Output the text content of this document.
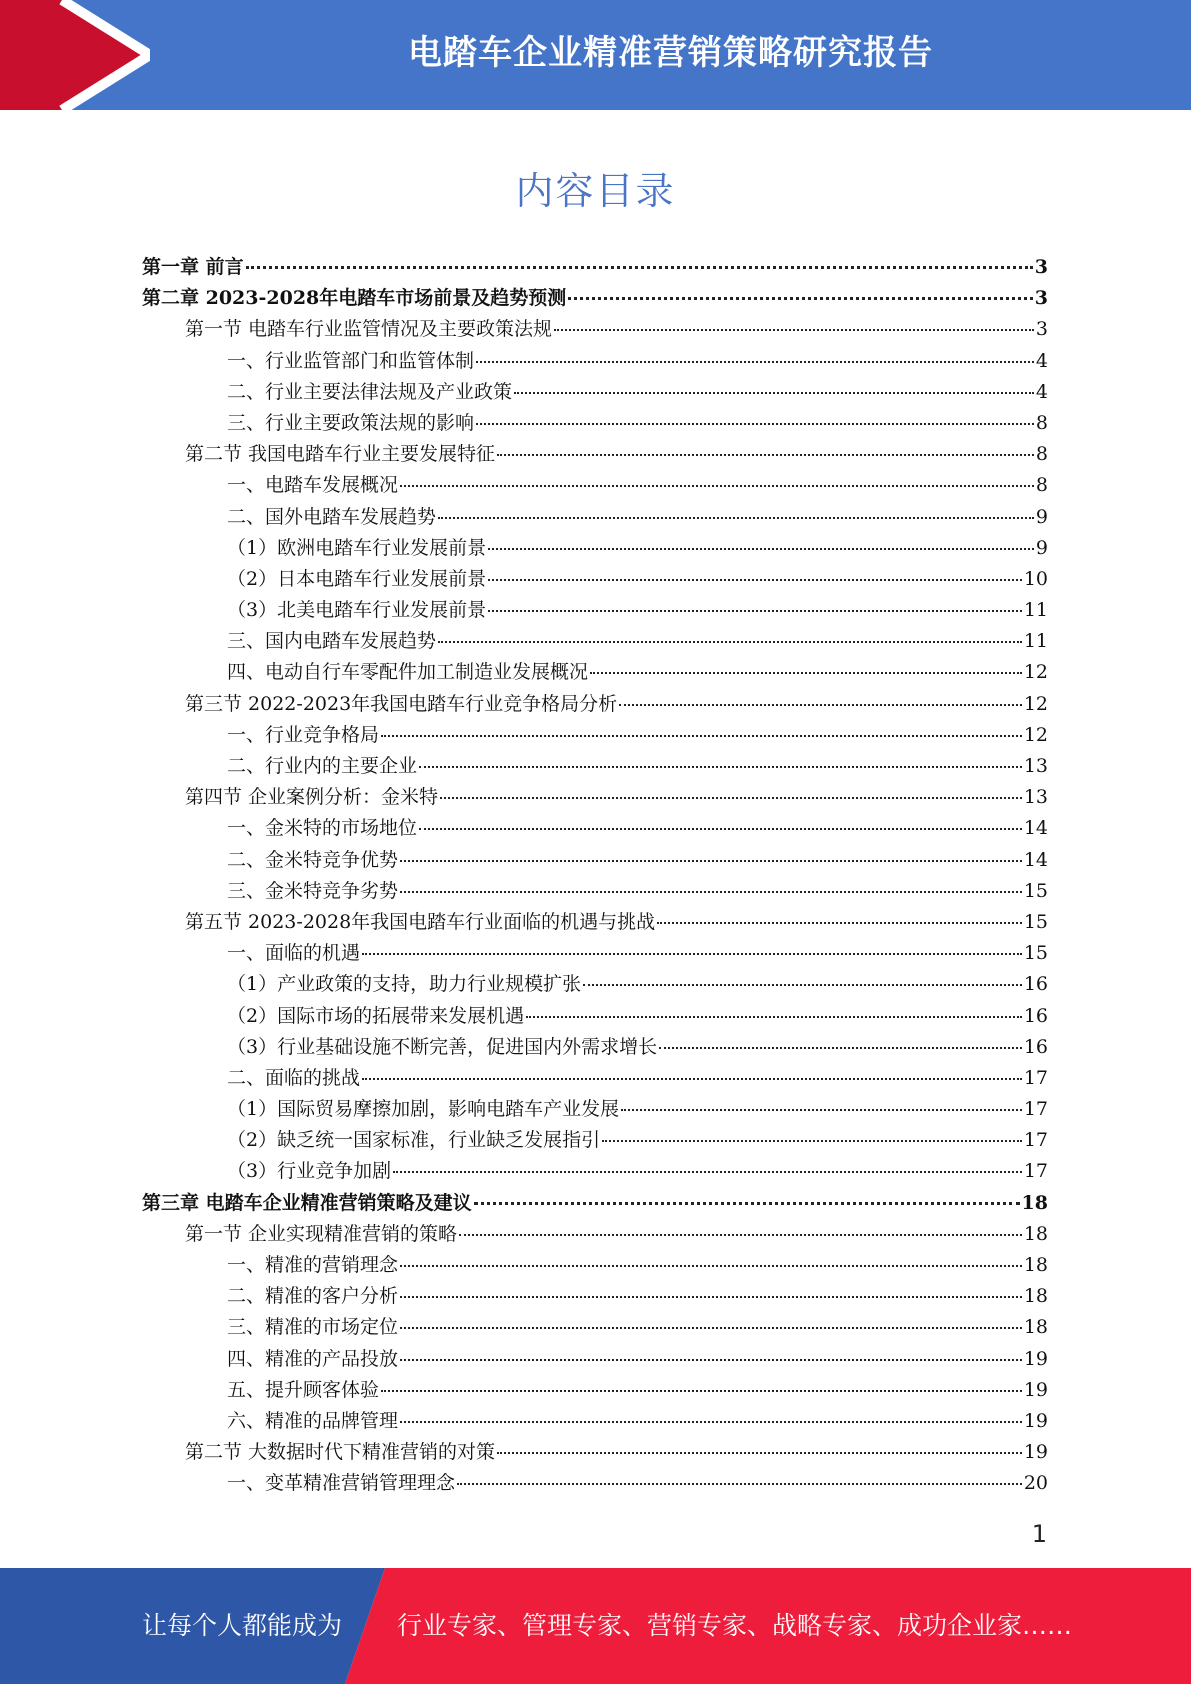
电踏车企业精准营销策略研究报告
内容目录
第一章 前言	3
第二章 2023-2028年电踏车市场前景及趋势预测	3
第一节 电踏车行业监管情况及主要政策法规	3
一、行业监管部门和监管体制	4
二、行业主要法律法规及产业政策	4
三、行业主要政策法规的影响	8
第二节 我国电踏车行业主要发展特征	8
一、电踏车发展概况	8
二、国外电踏车发展趋势	9
（1）欧洲电踏车行业发展前景	9
（2）日本电踏车行业发展前景	10
（3）北美电踏车行业发展前景	11
三、国内电踏车发展趋势	11
四、电动自行车零配件加工制造业发展概况	12
第三节 2022-2023年我国电踏车行业竞争格局分析	12
一、行业竞争格局	12
二、行业内的主要企业	13
第四节 企业案例分析：金米特	13
一、金米特的市场地位	14
二、金米特竞争优势	14
三、金米特竞争劣势	15
第五节 2023-2028年我国电踏车行业面临的机遇与挑战	15
一、面临的机遇	15
（1）产业政策的支持，助力行业规模扩张	16
（2）国际市场的拓展带来发展机遇	16
（3）行业基础设施不断完善，促进国内外需求增长	16
二、面临的挑战	17
（1）国际贸易摩擦加剧，影响电踏车产业发展	17
（2）缺乏统一国家标准，行业缺乏发展指引	17
（3）行业竞争加剧	17
第三章 电踏车企业精准营销策略及建议	18
第一节 企业实现精准营销的策略	18
一、精准的营销理念	18
二、精准的客户分析	18
三、精准的市场定位	18
四、精准的产品投放	19
五、提升顾客体验	19
六、精准的品牌管理	19
第二节 大数据时代下精准营销的对策	19
一、变革精准营销管理理念	20
1
让每个人都能成为 行业专家、管理专家、营销专家、战略专家、成功企业家……
